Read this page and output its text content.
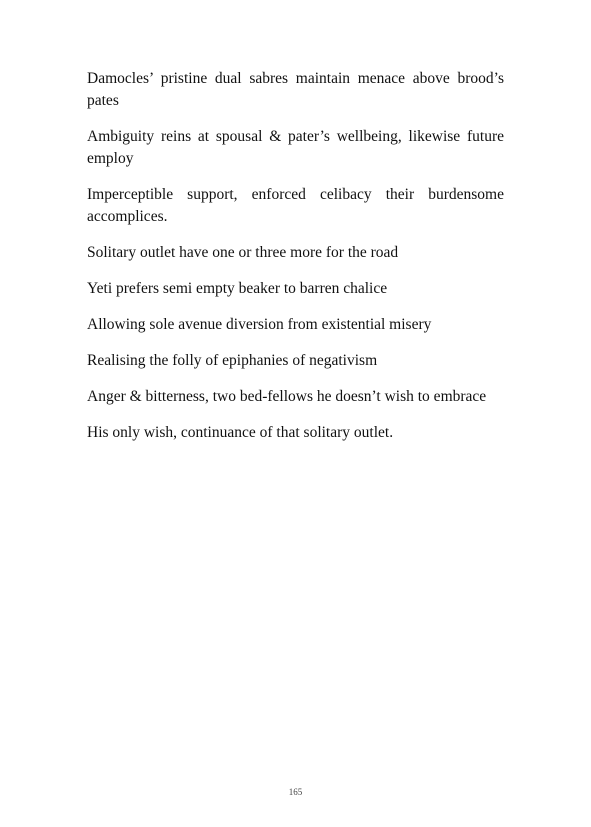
Damocles’ pristine dual sabres maintain menace above brood’s pates

Ambiguity reins at spousal & pater’s wellbeing, likewise future employ

Imperceptible support, enforced celibacy their burdensome accomplices.

Solitary outlet have one or three more for the road

Yeti prefers semi empty beaker to barren chalice

Allowing sole avenue diversion from existential misery

Realising the folly of epiphanies of negativism

Anger & bitterness, two bed-fellows he doesn’t wish to embrace

His only wish, continuance of that solitary outlet.

165
